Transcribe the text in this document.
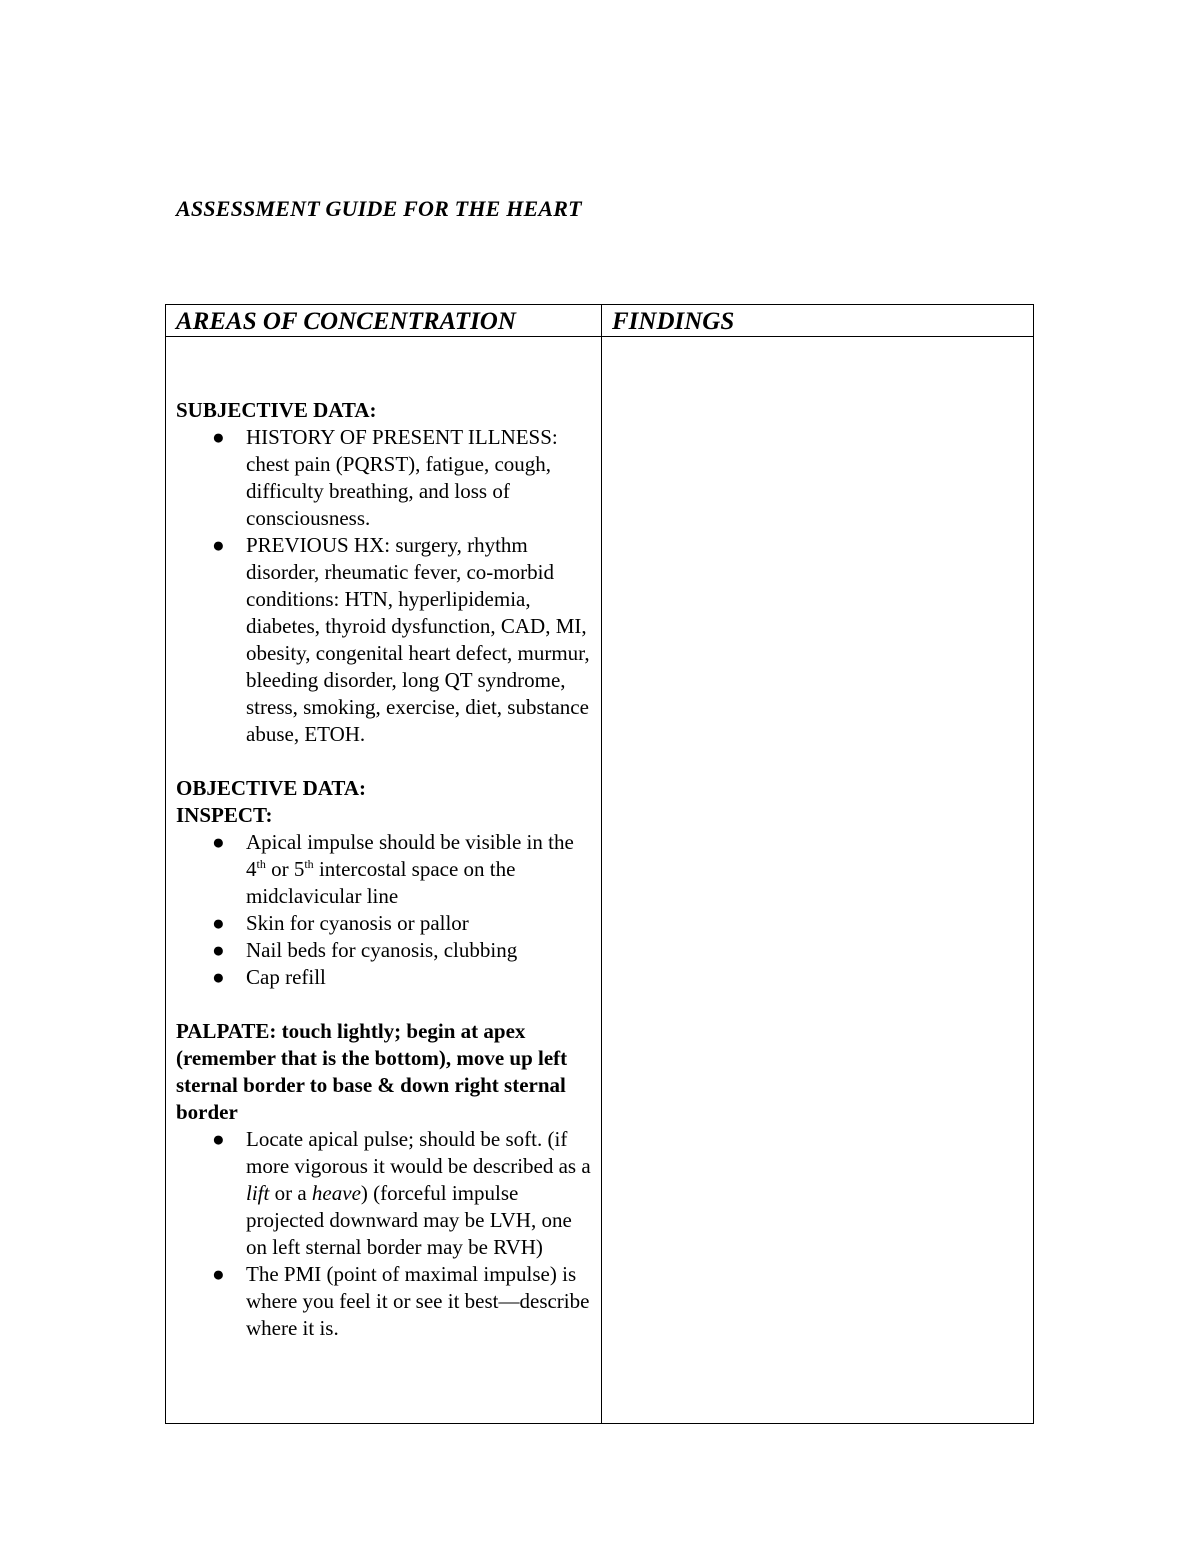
ASSESSMENT GUIDE FOR THE HEART
AREAS OF CONCENTRATION	FINDINGS
SUBJECTIVE DATA:
● HISTORY OF PRESENT ILLNESS: chest pain (PQRST), fatigue, cough, difficulty breathing, and loss of consciousness.
● PREVIOUS HX: surgery, rhythm disorder, rheumatic fever, co-morbid conditions: HTN, hyperlipidemia, diabetes, thyroid dysfunction, CAD, MI, obesity, congenital heart defect, murmur, bleeding disorder, long QT syndrome, stress, smoking, exercise, diet, substance abuse, ETOH.
OBJECTIVE DATA:
INSPECT:
● Apical impulse should be visible in the 4th or 5th intercostal space on the midclavicular line
● Skin for cyanosis or pallor
● Nail beds for cyanosis, clubbing
● Cap refill
PALPATE: touch lightly; begin at apex (remember that is the bottom), move up left sternal border to base & down right sternal border
● Locate apical pulse; should be soft. (if more vigorous it would be described as a lift or a heave) (forceful impulse projected downward may be LVH, one on left sternal border may be RVH)
● The PMI (point of maximal impulse) is where you feel it or see it best—describe where it is.
